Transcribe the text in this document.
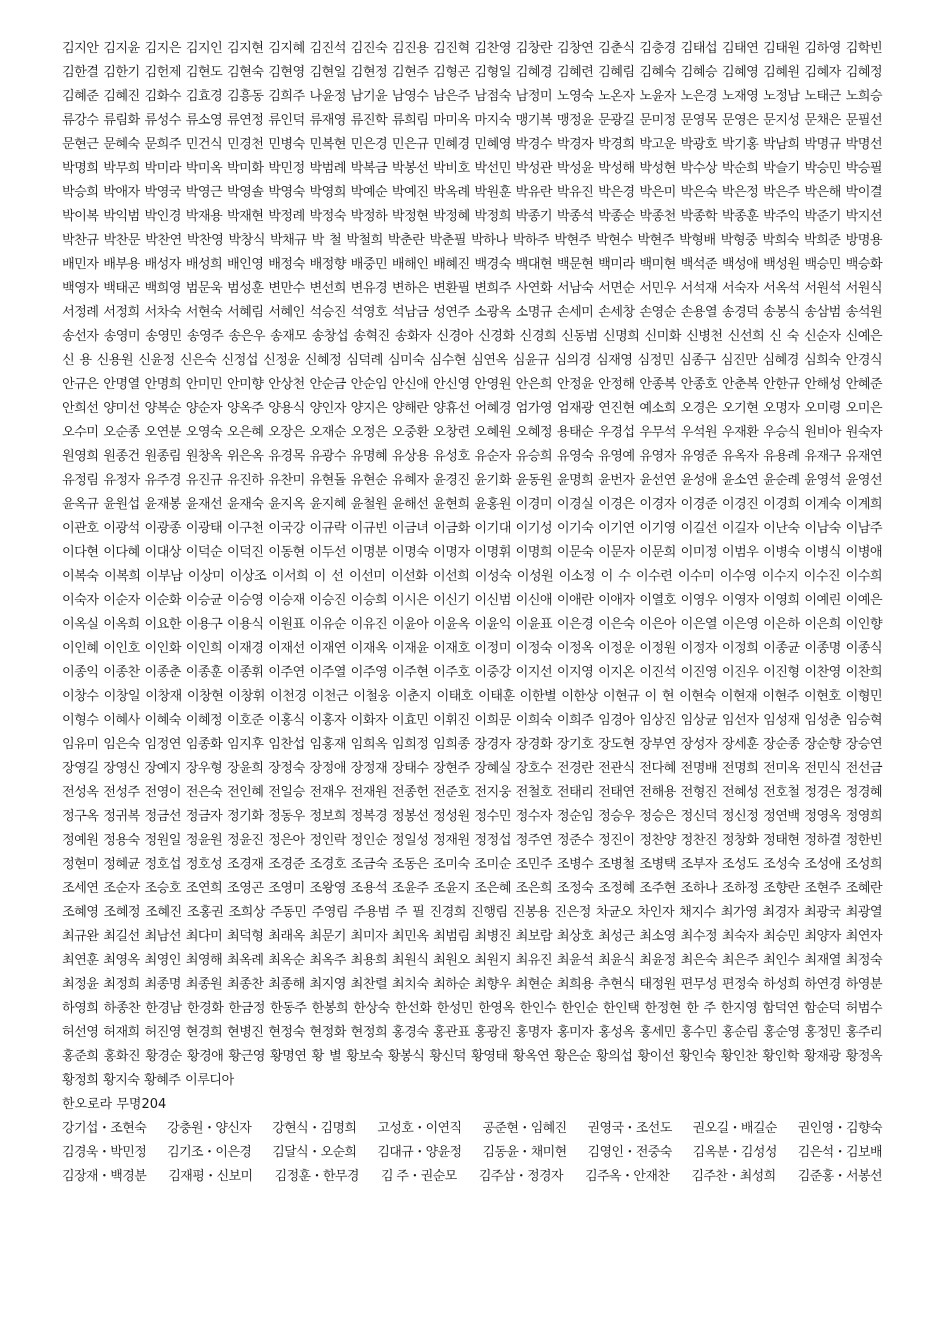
김지안 김지윤 김지은 김지인 김지현 김지혜 김진석 김진숙 김진용 김진혁 김찬영 김창란 김창연 김춘식 김충경 김태섭 김태연 김태원 김하영 김학빈 김한결 김한기 김헌제 김현도 김현숙 김현영 김현일 김현정 김현주 김형곤 김형일 김혜경 김혜련 김혜림 김혜숙 김혜승 김혜영 김혜원 김혜자 김혜정 김혜준 김혜진 김화수 김효경 김흥동 김희주 나윤정 남기윤 남영수 남은주 남점숙 남정미 노영숙 노온자 노윤자 노은경 노재영 노정남 노태근 노희승 류강수 류림화 류성수 류소영 류연정 류인덕 류재영 류진학 류희림 마미옥 마지숙 맹기복 맹정윤 문광길 문미정 문영목 문영은 문지성 문채은 문필선 문현근 문혜숙 문희주 민건식 민경천 민병숙 민복현 민은경 민은규 민혜경 민혜영 박경수 박경자 박경희 박고운 박광호 박기홍 박남희 박명규 박명선 박명희 박무희 박미라 박미옥 박미화 박민정 박범례 박복금 박봉선 박비호 박선민 박성관 박성윤 박성해 박성현 박수상 박순희 박슬기 박승민 박승필 박승희 박애자 박영국 박영근 박영솔 박영숙 박영희 박예순 박예진 박옥례 박원훈 박유란 박유진 박은경 박은미 박은숙 박은정 박은주 박은해 박이결 박이복 박익범 박인경 박재용 박재현 박정례 박정숙 박정하 박정현 박정혜 박정희 박종기 박종석 박종순 박종천 박종학 박종훈 박주익 박준기 박지선 박찬규 박찬문 박찬연 박찬영 박창식 박채규 박 철 박철희 박춘란 박춘필 박하나 박하주 박현주 박현수 박현주 박형배 박형중 박희숙 박희준 방명용 배민자 배부용 배성자 배성희 배인영 배정숙 배정향 배중민 배해인 배혜진 백경숙 백대현 백문현 백미라 백미현 백석준 백성애 백성원 백승민 백승화 백영자 백태곤 백희영 범문욱 범성훈 변만수 변선희 변유경 변하은 변환필 변희주 사연화 서남숙 서면순 서민우 서석재 서숙자 서옥석 서원석 서원식 서정례 서정희 서차숙 서현숙 서혜림 서혜인 석승진 석영호 석남금 성연주 소광옥 소명규 손세미 손세창 손영순 손용열 송경덕 송봉식 송삼범 송석원 송선자 송영미 송영민 송영주 송은우 송재모 송창섭 송혁진 송화자 신경아 신경화 신경희 신동범 신명희 신미화 신병천 신선희 신 숙 신순자 신예은 신 용 신용원 신윤정 신은숙 신정섭 신정윤 신혜정 심덕례 심미숙 심수현 심연옥 심윤규 심의경 심재영 심정민 심종구 심진만 심혜경 심희숙 안경식 안규은 안명열 안명희 안미민 안미향 안상천 안순금 안순임 안신애 안신영 안영원 안은희 안정윤 안정해 안종복 안종호 안춘복 안한규 안해성 안혜준 안희선 양미선 양복순 양순자 양옥주 양용식 양인자 양지은 양해란 양휴선 어혜경 엄가영 엄재광 연진현 예소희 오경은 오기현 오명자 오미령 오미은 오수미 오순종 오연분 오영숙 오은혜 오장은 오재순 오정은 오중환 오창련 오혜원 오혜정 용태순 우경섭 우무석 우석원 우재환 우승식 원비아 원숙자 원영희 원종건 원종림 원창옥 위은옥 유경목 유광수 유명혜 유상용 유성호 유순자 유승희 유영숙 유영예 유영자 유영준 유옥자 유용례 유재구 유재연 유정림 유정자 유주경 유진규 유진하 유찬미 유현돌 유현순 유혜자 윤경진 윤기화 윤동원 윤명희 윤번자 윤선연 윤성애 윤소연 윤순례 윤영석 윤영선 윤옥규 윤원섭 윤재봉 윤재선 윤재숙 윤지옥 윤지혜 윤철원 윤해선 윤현희 윤홍원 이경미 이경실 이경은 이경자 이경준 이경진 이경희 이계숙 이계희 이관호 이광석 이광종 이광태 이구천 이국강 이규락 이규빈 이금녀 이금화 이기대 이기성 이기숙 이기연 이기영 이길선 이길자 이난숙 이남숙 이남주 이다현 이다혜 이대상 이덕순 이덕진 이동현 이두선 이명분 이명숙 이명자 이명휘 이명희 이문숙 이문자 이문희 이미정 이범우 이병숙 이병식 이병애 이복숙 이복희 이부남 이상미 이상조 이서희 이 선 이선미 이선화 이선희 이성숙 이성원 이소정 이 수 이수련 이수미 이수영 이수지 이수진 이수희 이숙자 이순자 이순화 이승균 이승영 이승재 이승진 이승희 이시은 이신기 이신범 이신애 이애란 이애자 이열호 이영우 이영자 이영희 이예린 이예은 이옥실 이옥희 이요한 이용구 이용식 이원표 이유순 이유진 이윤아 이윤옥 이윤익 이윤표 이은경 이은숙 이은아 이은열 이은영 이은하 이은희 이인향 이인혜 이인호 이인화 이인희 이재경 이재선 이재연 이재옥 이재윤 이재호 이정미 이정숙 이정옥 이정운 이정원 이정자 이정희 이종균 이종명 이종식 이종익 이종찬 이종춘 이종훈 이종휘 이주연 이주열 이주영 이주현 이주호 이중강 이지선 이지영 이지온 이진석 이진영 이진우 이진형 이찬영 이찬희 이창수 이창일 이창재 이창현 이창휘 이천경 이천근 이철웅 이춘지 이태호 이태훈 이한별 이한상 이현규 이 현 이현숙 이현재 이현주 이현호 이형민 이형수 이혜사 이혜숙 이혜정 이호준 이홍식 이홍자 이화자 이효민 이휘진 이희문 이희숙 이희주 임경아 임상진 임상균 임선자 임성재 임성춘 임승혁 임유미 임은숙 임정연 임종화 임지후 임찬섭 임홍재 임희옥 임희정 임희종 장경자 장경화 장기호 장도현 장부연 장성자 장세훈 장순종 장순향 장승연 장영길 장영신 장예지 장우형 장윤희 장정숙 장정애 장정재 장태수 장현주 장혜실 장호수 전경란 전관식 전다혜 전명배 전명희 전미옥 전민식 전선금 전성옥 전성주 전영이 전은숙 전인혜 전일승 전재우 전재원 전종헌 전준호 전지웅 전철호 전태리 전태연 전해용 전형진 전혜성 전호철 정경은 정경혜 정구옥 정귀복 정금선 정금자 정기화 정동우 정보희 정복경 정봉선 정성원 정수민 정수자 정순임 정승우 정승은 정신덕 정신정 정연백 정영옥 정영희 정예원 정용숙 정원일 정윤원 정윤진 정은아 정인락 정인순 정일성 정재원 정정섭 정주연 정준수 정진이 정찬양 정찬진 정창화 정태현 정하결 정한빈 정현미 정혜균 정호섭 정호성 조경재 조경준 조경호 조금숙 조동은 조미숙 조미순 조민주 조병수 조병철 조병택 조부자 조성도 조성숙 조성애 조성희 조세연 조순자 조승호 조연희 조영곤 조영미 조왕영 조용석 조윤주 조윤지 조은혜 조은희 조정숙 조정혜 조주현 조하나 조하정 조향란 조현주 조혜란 조혜영 조혜정 조혜진 조홍권 조희상 주동민 주영림 주용범 주 필 진경희 진행림 진봉용 진은정 차균오 차인자 채지수 최가영 최경자 최광국 최광열 최규완 최길선 최남선 최다미 최덕형 최래옥 최문기 최미자 최민옥 최범림 최병진 최보람 최상호 최성근 최소영 최수정 최숙자 최승민 최양자 최연자 최연훈 최영옥 최영인 최영해 최옥례 최옥순 최옥주 최용희 최원식 최원오 최원지 최유진 최윤석 최윤식 최윤정 최은숙 최은주 최인수 최재열 최정숙 최정윤 최정희 최종명 최종원 최종찬 최종해 최지영 최찬렬 최치숙 최하순 최향우 최현순 최희용 추현식 태정원 편무성 편정숙 하성희 하연경 하영분 하영희 하종찬 한경남 한경화 한금정 한동주 한봉희 한상숙 한선화 한성민 한영옥 한인수 한인순 한인택 한정현 한 주 한지영 함덕연 함순덕 허범수 허선영 허재희 허진영 현경희 현병진 현정숙 현정화 현정희 홍경숙 홍관표 홍광진 홍명자 홍미자 홍성옥 홍세민 홍수민 홍순림 홍순영 홍정민 홍주리 홍준희 홍화진 황경순 황경애 황근영 황명연 황 별 황보숙 황봉식 황신덕 황영태 황옥연 황은순 황의섭 황이선 황인숙 황인찬 황인학 황재광 황정옥 황정희 황지숙 황혜주 이루디아
한오로라 무명204
강기섭・조현숙 강충원・양신자 강현식・김명희 고성호・이연직 공준현・임혜진 권영국・조선도 권오길・배길순 권인영・김향숙
김경욱・박민정 김기조・이은경 김달식・오순희 김대규・양윤정 김동윤・채미현 김영인・전중숙 김옥분・김성성 김은석・김보배
김장재・백경분 김재평・신보미 김정훈・한무경 김 주・권순모 김주삼・정경자 김주옥・안재찬 김주찬・최성희 김준홍・서봉선
